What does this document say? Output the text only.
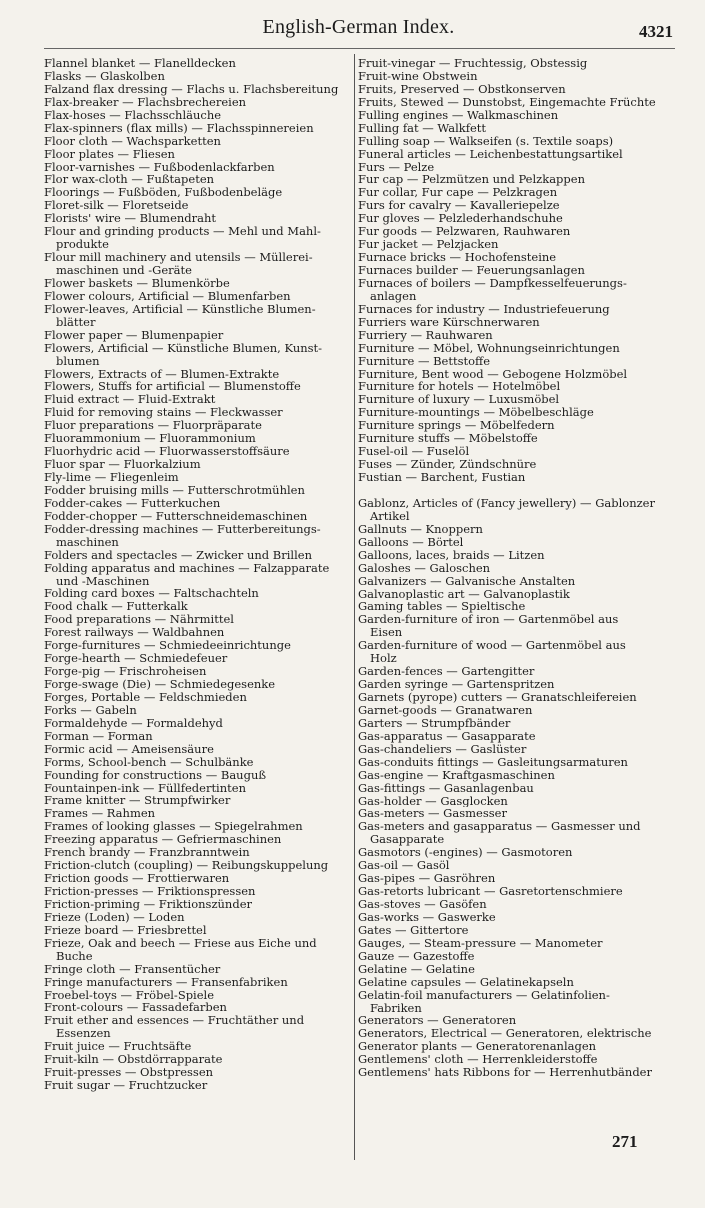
English-German Index.	4321
Flannel blanket — Flanelldecken
Flasks — Glaskolben
Falzand flax dressing — Flachs u. Flachsbereitung
Flax-breaker — Flachsbrechereien
Flax-hoses — Flachsschläuche
Flax-spinners (flax mills) — Flachsspinnereien
Floor cloth — Wachsparketten
Floor plates — Fliesen
Floor-varnishes — Fußbodenlackfarben
Flor wax-cloth — Fußtapeten
Floorings — Fußböden, Fußbodenbeläge
Floret-silk — Floretseide
Florists' wire — Blumendraht
Flour and grinding products — Mehl und Mahl-
produkte
Flour mill machinery and utensils — Müllerei-
maschinen und -Geräte
Flower baskets — Blumenkörbe
Flower colours, Artificial — Blumenfarben
Flower-leaves, Artificial — Künstliche Blumen-
blätter
Flower paper — Blumenpapier
Flowers, Artificial — Künstliche Blumen, Kunst-
blumen
Flowers, Extracts of — Blumen-Extrakte
Flowers, Stuffs for artificial — Blumenstoffe
Fluid extract — Fluid-Extrakt
Fluid for removing stains — Fleckwasser
Fluor preparations — Fluorpräparate
Fluorammonium — Fluorammonium
Fluorhydric acid — Fluorwasserstoffsäure
Fluor spar — Fluorkalzium
Fly-lime — Fliegenleim
Fodder bruising mills — Futterschrotmühlen
Fodder-cakes — Futterkuchen
Fodder-chopper — Futterschneidemaschinen
Fodder-dressing machines — Futterbereitungs-
maschinen
Folders and spectacles — Zwicker und Brillen
Folding apparatus and machines — Falzapparate
und -Maschinen
Folding card boxes — Faltschachteln
Food chalk — Futterkalk
Food preparations — Nährmittel
Forest railways — Waldbahnen
Forge-furnitures — Schmiedeeinrichtunge
Forge-hearth — Schmiedefeuer
Forge-pig — Frischroheisen
Forge-swage (Die) — Schmiedegesenke
Forges, Portable — Feldschmieden
Forks — Gabeln
Formaldehyde — Formaldehyd
Forman — Forman
Formic acid — Ameisensäure
Forms, School-bench — Schulbänke
Founding for constructions — Bauguß
Fountainpen-ink — Füllfedertinten
Frame knitter — Strumpfwirker
Frames — Rahmen
Frames of looking glasses — Spiegelrahmen
Freezing apparatus — Gefriermaschinen
French brandy — Franzbranntwein
Friction-clutch (coupling) — Reibungskuppelung
Friction goods — Frottierwaren
Friction-presses — Friktionspressen
Friction-priming — Friktionszünder
Frieze (Loden) — Loden
Frieze board — Friesbrettel
Frieze, Oak and beech — Friese aus Eiche und
Buche
Fringe cloth — Fransentücher
Fringe manufacturers — Fransenfabriken
Froebel-toys — Fröbel-Spiele
Front-colours — Fassadefarben
Fruit ether and essences — Fruchtäther und
Essenzen
Fruit juice — Fruchtsäfte
Fruit-kiln — Obstdörrapparate
Fruit-presses — Obstpressen
Fruit sugar — Fruchtzucker
Fruit-vinegar — Fruchtessig, Obstessig
Fruit-wine Obstwein
Fruits, Preserved — Obstkonserven
Fruits, Stewed — Dunstobst, Eingemachte Früchte
Fulling engines — Walkmaschinen
Fulling fat — Walkfett
Fulling soap — Walkseifen (s. Textile soaps)
Funeral articles — Leichenbestattungsartikel
Furs — Pelze
Fur cap — Pelzmützen und Pelzkappen
Fur collar, Fur cape — Pelzkragen
Furs for cavalry — Kavalleriepelze
Fur gloves — Pelzlederhandschuhe
Fur goods — Pelzwaren, Rauhwaren
Fur jacket — Pelzjacken
Furnace bricks — Hochofensteine
Furnaces builder — Feuerungsanlagen
Furnaces of boilers — Dampfkesselfeuerungs-
anlagen
Furnaces for industry — Industriefeuerung
Furriers ware Kürschnerwaren
Furriery — Rauhwaren
Furniture — Möbel, Wohnungseinrichtungen
Furniture — Bettstoffe
Furniture, Bent wood — Gebogene Holzmöbel
Furniture for hotels — Hotelmöbel
Furniture of luxury — Luxusmöbel
Furniture-mountings — Möbelbeschläge
Furniture springs — Möbelfedern
Furniture stuffs — Möbelstoffe
Fusel-oil — Fuselöl
Fuses — Zünder, Zündschnüre
Fustian — Barchent, Fustian
Gablonz, Articles of (Fancy jewellery) — Gablonzer
Artikel
Gallnuts — Knoppern
Galloons — Börtel
Galloons, laces, braids — Litzen
Galoshes — Galoschen
Galvanizers — Galvanische Anstalten
Galvanoplastic art — Galvanoplastik
Gaming tables — Spieltische
Garden-furniture of iron — Gartenmöbel aus
Eisen
Garden-furniture of wood — Gartenmöbel aus
Holz
Garden-fences — Gartengitter
Garden syringe — Gartenspritzen
Garnets (pyrope) cutters — Granatschleifereien
Garnet-goods — Granatwaren
Garters — Strumpfbänder
Gas-apparatus — Gasapparate
Gas-chandeliers — Gaslüster
Gas-conduits fittings — Gasleitungsarmaturen
Gas-engine — Kraftgasmaschinen
Gas-fittings — Gasanlagenbau
Gas-holder — Gasglocken
Gas-meters — Gasmesser
Gas-meters and gasapparatus — Gasmesser und
Gasapparate
Gasmotors (-engines) — Gasmotoren
Gas-oil — Gasöl
Gas-pipes — Gasröhren
Gas-retorts lubricant — Gasretortenschmiere
Gas-stoves — Gasöfen
Gas-works — Gaswerke
Gates — Gittertore
Gauges, — Steam-pressure — Manometer
Gauze — Gazestoffe
Gelatine — Gelatine
Gelatine capsules — Gelatinekapseln
Gelatin-foil manufacturers — Gelatinfolien-
Fabriken
Generators — Generatoren
Generators, Electrical — Generatoren, elektrische
Generator plants — Generatorenanlagen
Gentlemens' cloth — Herrenkleiderstoffe
Gentlemens' hats Ribbons for — Herrenhutbänder
271
